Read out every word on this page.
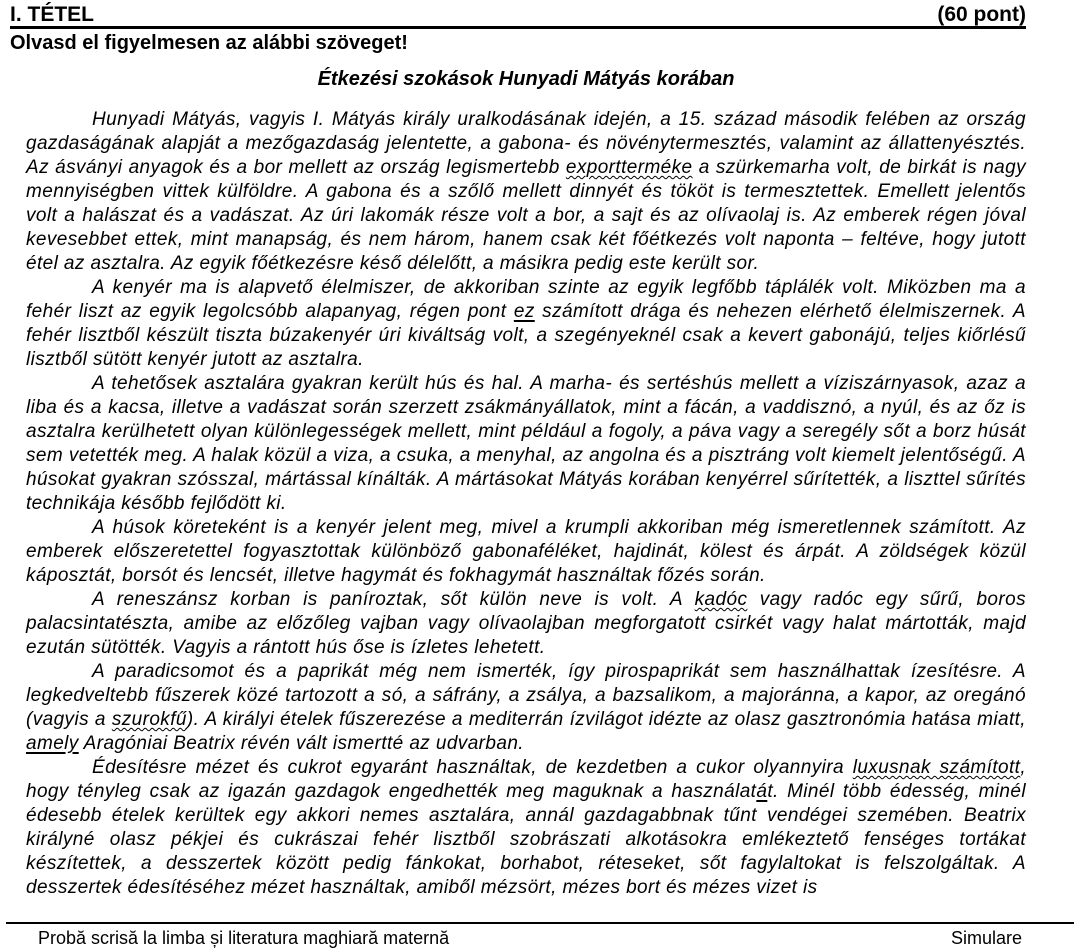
I. TÉTEL	(60 pont)
Olvasd el figyelmesen az alábbi szöveget!
Étkezési szokások Hunyadi Mátyás korában

Hunyadi Mátyás, vagyis I. Mátyás király uralkodásának idején, a 15. század második felében az ország gazdaságának alapját a mezőgazdaság jelentette, a gabona- és növénytermesztés, valamint az állattenyésztés. Az ásványi anyagok és a bor mellett az ország legismertebb exportterméke a szürkemarha volt, de birkát is nagy mennyiségben vittek külföldre. A gabona és a szőlő mellett dinnyét és tököt is termesztettek. Emellett jelentős volt a halászat és a vadászat. Az úri lakomák része volt a bor, a sajt és az olívaolaj is. Az emberek régen jóval kevesebbet ettek, mint manapság, és nem három, hanem csak két főétkezés volt naponta – feltéve, hogy jutott étel az asztalra. Az egyik főétkezésre késő délelőtt, a másikra pedig este került sor.

A kenyér ma is alapvető élelmiszer, de akkoriban szinte az egyik legfőbb táplálék volt. Miközben ma a fehér liszt az egyik legolcsóbb alapanyag, régen pont ez számított drága és nehezen elérhető élelmiszernek. A fehér lisztből készült tiszta búzakenyér úri kiváltság volt, a szegényeknél csak a kevert gabonájú, teljes kiőrlésű lisztből sütött kenyér jutott az asztalra.

A tehetősek asztalára gyakran került hús és hal. A marha- és sertéshús mellett a víziszárnyasok, azaz a liba és a kacsa, illetve a vadászat során szerzett zsákmányállatok, mint a fácán, a vaddisznó, a nyúl, és az őz is asztalra kerülhetett olyan különlegességek mellett, mint például a fogoly, a páva vagy a seregély sőt a borz húsát sem vetették meg. A halak közül a viza, a csuka, a menyhal, az angolna és a pisztráng volt kiemelt jelentőségű. A húsokat gyakran szósszal, mártással kínálták. A mártásokat Mátyás korában kenyérrel sűrítették, a liszttel sűrítés technikája később fejlődött ki.

A húsok köreteként is a kenyér jelent meg, mivel a krumpli akkoriban még ismeretlennek számított. Az emberek előszeretettel fogyasztottak különböző gabonaféléket, hajdinát, kölest és árpát. A zöldségek közül káposztát, borsót és lencsét, illetve hagymát és fokhagymát használtak főzés során.

A reneszánsz korban is paníroztak, sőt külön neve is volt. A kadóc vagy radóc egy sűrű, boros palacsintatészta, amibe az előzőleg vajban vagy olívaolajban megforgatott csirkét vagy halat mártották, majd ezután sütötték. Vagyis a rántott hús őse is ízletes lehetett.

A paradicsomot és a paprikát még nem ismerték, így pirospaprikát sem használhattak ízesítésre. A legkedveltebb fűszerek közé tartozott a só, a sáfrány, a zsálya, a bazsalikom, a majoránna, a kapor, az oregánó (vagyis a szurokfű). A királyi ételek fűszerezése a mediterrán ízvilágot idézte az olasz gasztronómia hatása miatt, amely Aragóniai Beatrix révén vált ismertté az udvarban.

Édesítésre mézet és cukrot egyaránt használtak, de kezdetben a cukor olyannyira luxusnak számított, hogy tényleg csak az igazán gazdagok engedhették meg maguknak a használatát. Minél több édesség, minél édesebb ételek kerültek egy akkori nemes asztalára, annál gazdagabbnak tűnt vendégei szemében. Beatrix királyné olasz pékjei és cukrászai fehér lisztből szobrászati alkotásokra emlékeztető fenséges tortákat készítettek, a desszertek között pedig fánkokat, borhabot, réteseket, sőt fagylaltokat is felszolgáltak. A desszertek édesítéséhez mézet használtak, amiből mézsört, mézes bort és mézes vizet is

Probă scrisă la limba și literatura maghiară maternă	Simulare
